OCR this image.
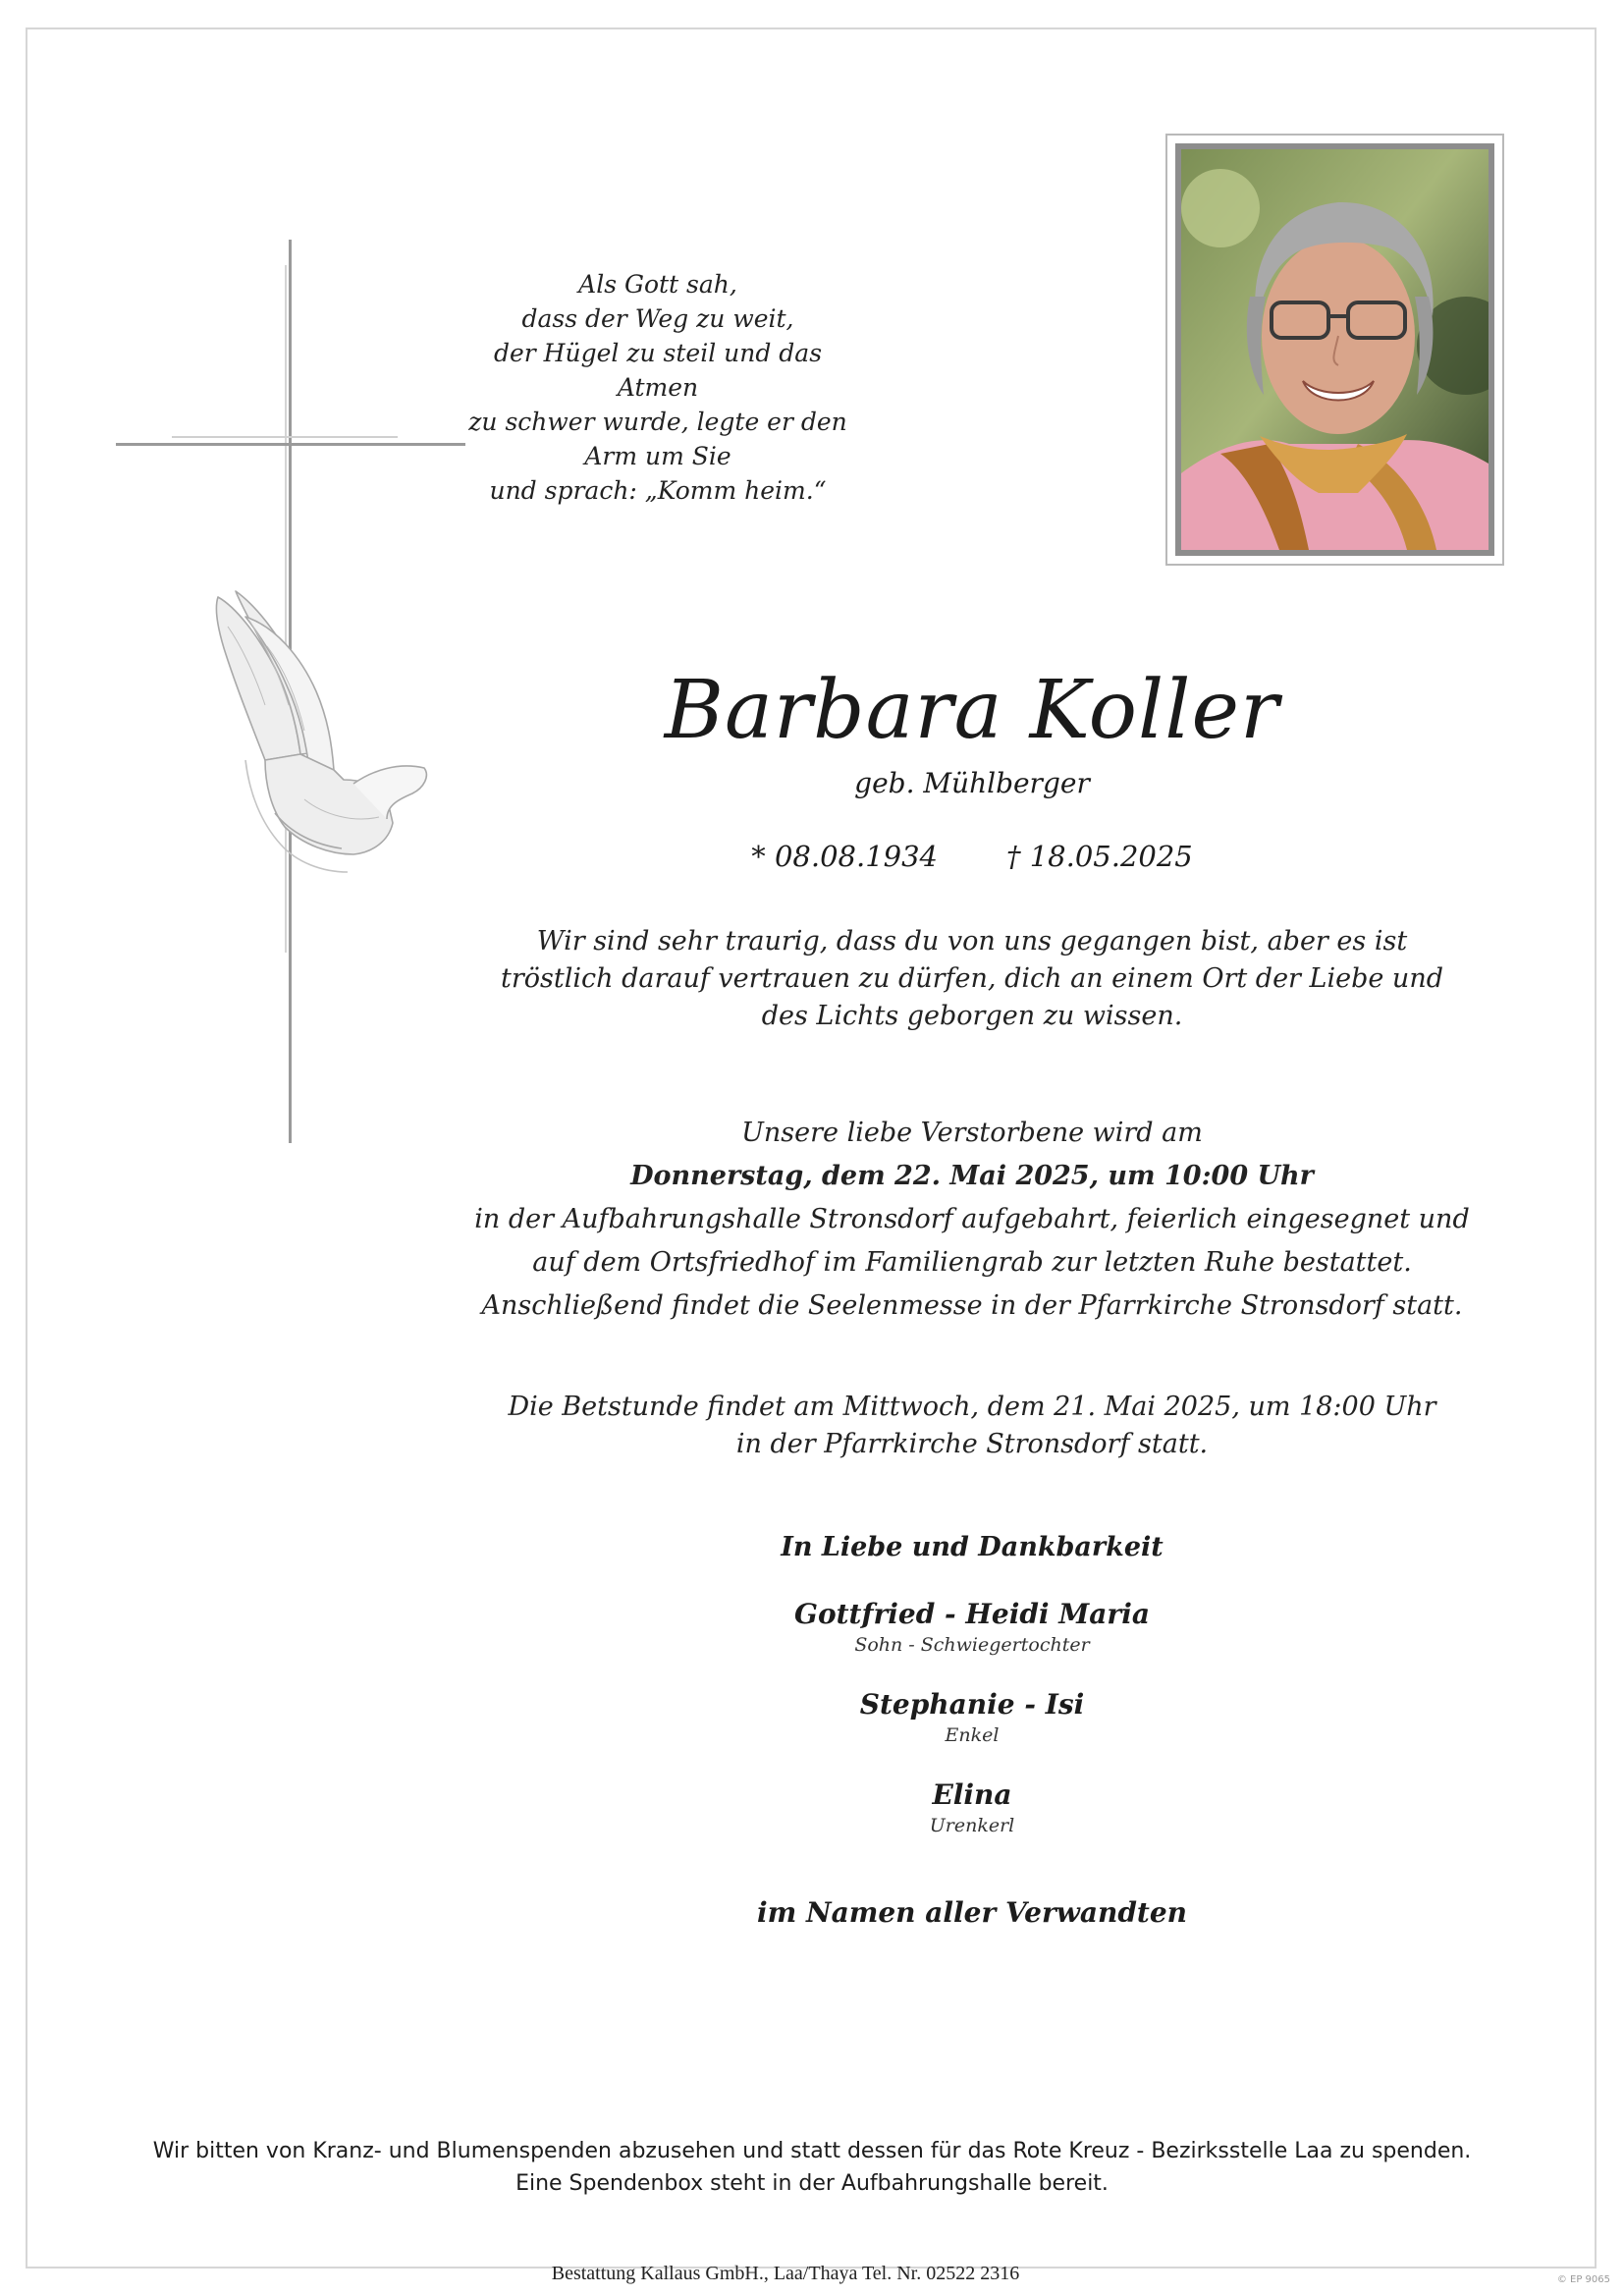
Als Gott sah,
dass der Weg zu weit,
der Hügel zu steil und das Atmen
zu schwer wurde, legte er den Arm um Sie
und sprach: „Komm heim.“
Barbara Koller
geb. Mühlberger
* 08.08.1934 † 18.05.2025
Wir sind sehr traurig, dass du von uns gegangen bist, aber es ist
tröstlich darauf vertrauen zu dürfen, dich an einem Ort der Liebe und
des Lichts geborgen zu wissen.
Unsere liebe Verstorbene wird am
Donnerstag, dem 22. Mai 2025, um 10:00 Uhr
in der Aufbahrungshalle Stronsdorf aufgebahrt, feierlich eingesegnet und
auf dem Ortsfriedhof im Familiengrab zur letzten Ruhe bestattet.
Anschließend findet die Seelenmesse in der Pfarrkirche Stronsdorf statt.
Die Betstunde findet am Mittwoch, dem 21. Mai 2025, um 18:00 Uhr
in der Pfarrkirche Stronsdorf statt.
In Liebe und Dankbarkeit
Gottfried - Heidi Maria
Sohn - Schwiegertochter
Stephanie - Isi
Enkel
Elina
Urenkerl
im Namen aller Verwandten
Wir bitten von Kranz- und Blumenspenden abzusehen und statt dessen für das Rote Kreuz - Bezirksstelle Laa zu spenden.
Eine Spendenbox steht in der Aufbahrungshalle bereit.
Bestattung Kallaus GmbH., Laa/Thaya Tel. Nr. 02522 2316	© EP 9065
